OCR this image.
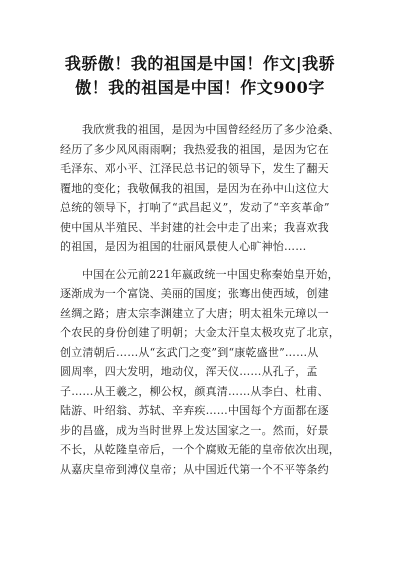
我骄傲！我的祖国是中国！作文|我骄
傲！我的祖国是中国！作文900字
我欣赏我的祖国，是因为中国曾经经历了多少沧桑、
经历了多少风风雨雨啊；我热爱我的祖国，是因为它在
毛泽东、邓小平、江泽民总书记的领导下，发生了翻天
覆地的变化；我敬佩我的祖国，是因为在孙中山这位大
总统的领导下，打响了“武昌起义”，发动了“辛亥革命”
使中国从半殖民、半封建的社会中走了出来；我喜欢我
的祖国，是因为祖国的壮丽风景使人心旷神怡……
中国在公元前221年嬴政统一中国史称秦始皇开始，
逐渐成为一个富饶、美丽的国度；张骞出使西域，创建
丝绸之路；唐太宗李渊建立了大唐；明太祖朱元璋以一
个农民的身份创建了明朝；大金太汗皇太极攻克了北京，
创立清朝后……从“玄武门之变”到“康乾盛世”……从
圆周率，四大发明，地动仪，浑天仪……从孔子，孟
子……从王羲之，柳公权，颜真清……从李白、杜甫、
陆游、叶绍翁、苏轼、辛弃疾……中国每个方面都在逐
步的昌盛，成为当时世界上发达国家之一。然而，好景
不长，从乾隆皇帝后，一个个腐败无能的皇帝依次出现，
从嘉庆皇帝到溥仪皇帝；从中国近代第一个不平等条约
